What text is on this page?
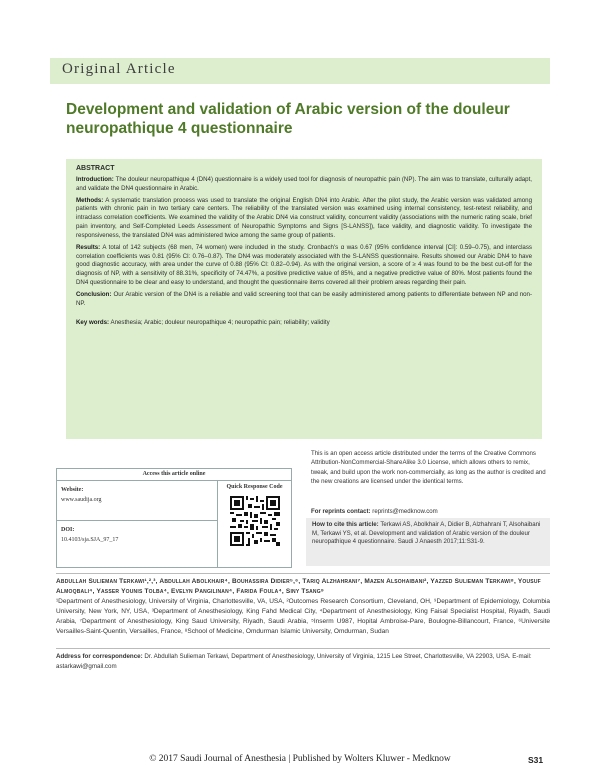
Original Article
Development and validation of Arabic version of the douleur neuropathique 4 questionnaire
ABSTRACT

Introduction: The douleur neuropathique 4 (DN4) questionnaire is a widely used tool for diagnosis of neuropathic pain (NP). The aim was to translate, culturally adapt, and validate the DN4 questionnaire in Arabic.

Methods: A systematic translation process was used to translate the original English DN4 into Arabic. After the pilot study, the Arabic version was validated among patients with chronic pain in two tertiary care centers. The reliability of the translated version was examined using internal consistency, test-retest reliability, and intraclass correlation coefficients. We examined the validity of the Arabic DN4 via construct validity, concurrent validity (associations with the numeric rating scale, brief pain inventory, and Self-Completed Leeds Assessment of Neuropathic Symptoms and Signs [S-LANSS]), face validity, and diagnostic validity. To investigate the responsiveness, the translated DN4 was administered twice among the same group of patients.

Results: A total of 142 subjects (68 men, 74 women) were included in the study. Cronbach's α was 0.67 (95% confidence interval [CI]: 0.59–0.75), and interclass correlation coefficients was 0.81 (95% CI: 0.76–0.87). The DN4 was moderately associated with the S-LANSS questionnaire. Results showed our Arabic DN4 to have good diagnostic accuracy, with area under the curve of 0.88 (95% CI: 0.82–0.94). As with the original version, a score of ≥ 4 was found to be the best cut-off for the diagnosis of NP, with a sensitivity of 88.31%, specificity of 74.47%, a positive predictive value of 85%, and a negative predictive value of 80%. Most patients found the DN4 questionnaire to be clear and easy to understand, and thought the questionnaire items covered all their problem areas regarding their pain.

Conclusion: Our Arabic version of the DN4 is a reliable and valid screening tool that can be easily administered among patients to differentiate between NP and non-NP.

Key words: Anesthesia; Arabic; douleur neuropathique 4; neuropathic pain; reliability; validity

Access this article online
Website:
www.saudija.org
DOI:
10.4103/sja.SJA_97_17
Quick Response Code

This is an open access article distributed under the terms of the Creative Commons Attribution-NonCommercial-ShareAlike 3.0 License, which allows others to remix, tweak, and build upon the work non-commercially, as long as the author is credited and the new creations are licensed under the identical terms.

For reprints contact: reprints@medknow.com
How to cite this article: Terkawi AS, Abolkhair A, Didier B, Alzhahrani T, Alsohaibani M, Terkawi YS, et al. Development and validation of Arabic version of the douleur neuropathique 4 questionnaire. Saudi J Anaesth 2017;11:S31-9.

Abdullah Sulieman Terkawi¹,²,³, Abdullah Abolkhair⁴, Bouhassira Didier⁵,⁶, Tariq Alzhahrani⁷, Mazen Alsohaibani², Yazzed Sulieman Terkawi⁸, Yousuf Almoqbali⁴, Yasser Younis Tolba⁴, Evelyn Pangilinan⁴, Farida Foula⁴, Siny Tsang⁹

¹Department of Anesthesiology, University of Virginia, Charlottesville, VA, USA, ²Outcomes Research Consortium, Cleveland, OH, ⁹Department of Epidemiology, Columbia University, New York, NY, USA, ³Department of Anesthesiology, King Fahd Medical City, ⁴Department of Anesthesiology, King Faisal Specialist Hospital, Riyadh, Saudi Arabia, ⁷Department of Anesthesiology, King Saud University, Riyadh, Saudi Arabia, ⁵Inserm U987, Hopital Ambroise-Pare, Boulogne-Billancourt, France, ⁶Universite Versailles-Saint-Quentin, Versailles, France, ⁸School of Medicine, Omdurman Islamic University, Omdurman, Sudan

Address for correspondence: Dr. Abdullah Sulieman Terkawi, Department of Anesthesiology, University of Virginia, 1215 Lee Street, Charlottesville, VA 22903, USA. E-mail: astarkawi@gmail.com

© 2017 Saudi Journal of Anesthesia | Published by Wolters Kluwer - Medknow	S31
